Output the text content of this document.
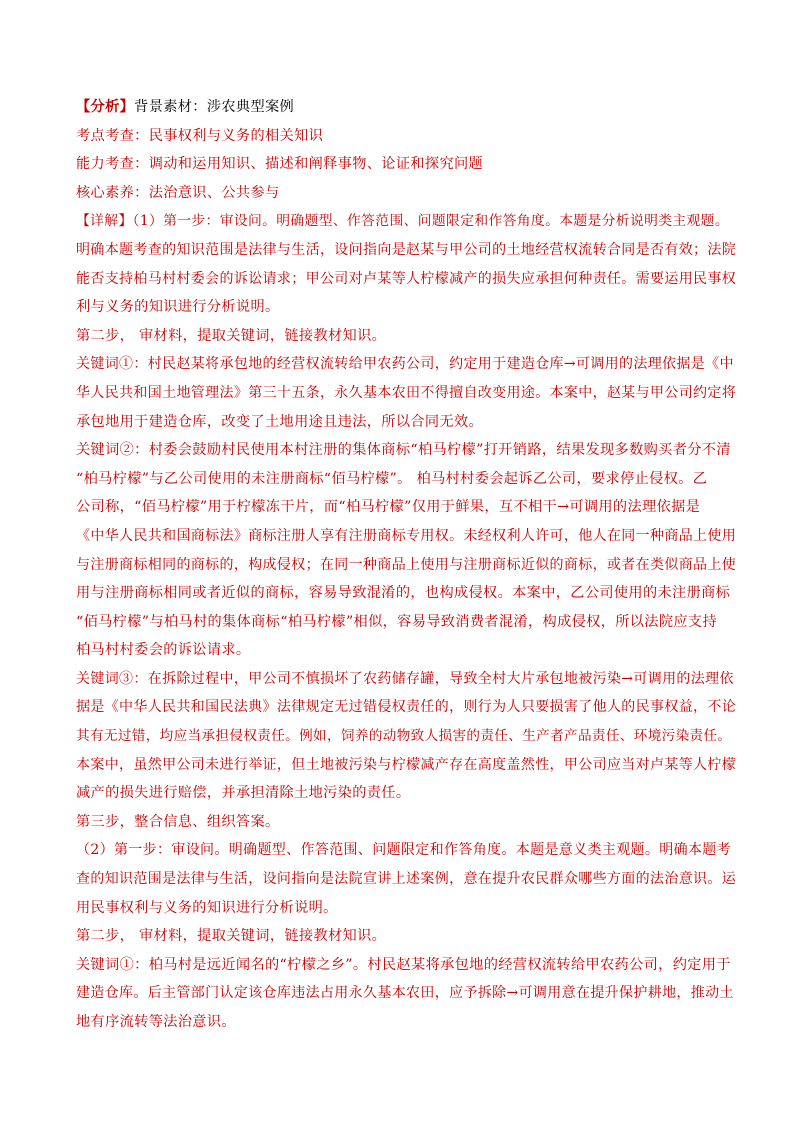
【分析】背景素材：涉农典型案例
考点考查：民事权利与义务的相关知识
能力考查：调动和运用知识、描述和阐释事物、论证和探究问题
核心素养：法治意识、公共参与
【详解】（1）第一步：审设问。明确题型、作答范围、问题限定和作答角度。本题是分析说明类主观题。
明确本题考查的知识范围是法律与生活，设问指向是赵某与甲公司的土地经营权流转合同是否有效；法院
能否支持柏马村村委会的诉讼请求；甲公司对卢某等人柠檬减产的损失应承担何种责任。需要运用民事权
利与义务的知识进行分析说明。
第二步， 审材料，提取关键词，链接教材知识。
关键词①：村民赵某将承包地的经营权流转给甲农药公司，约定用于建造仓库→可调用的法理依据是《中
华人民共和国土地管理法》第三十五条，永久基本农田不得擅自改变用途。本案中，赵某与甲公司约定将
承包地用于建造仓库，改变了土地用途且违法，所以合同无效。
关键词②：村委会鼓励村民使用本村注册的集体商标“柏马柠檬”打开销路，结果发现多数购买者分不清
“柏马柠檬”与乙公司使用的未注册商标“佰马柠檬”。 柏马村村委会起诉乙公司，要求停止侵权。乙
公司称，“佰马柠檬”用于柠檬冻干片，而“柏马柠檬”仅用于鲜果，互不相干→可调用的法理依据是
《中华人民共和国商标法》商标注册人享有注册商标专用权。未经权利人许可，他人在同一种商品上使用
与注册商标相同的商标的，构成侵权；在同一种商品上使用与注册商标近似的商标，或者在类似商品上使
用与注册商标相同或者近似的商标，容易导致混淆的，也构成侵权。本案中，乙公司使用的未注册商标
“佰马柠檬”与柏马村的集体商标“柏马柠檬”相似，容易导致消费者混淆，构成侵权，所以法院应支持
柏马村村委会的诉讼请求。
关键词③：在拆除过程中，甲公司不慎损坏了农药储存罐，导致全村大片承包地被污染→可调用的法理依
据是《中华人民共和国民法典》法律规定无过错侵权责任的，则行为人只要损害了他人的民事权益，不论
其有无过错，均应当承担侵权责任。例如，饲养的动物致人损害的责任、生产者产品责任、环境污染责任。
本案中，虽然甲公司未进行举证，但土地被污染与柠檬减产存在高度盖然性，甲公司应当对卢某等人柠檬
减产的损失进行赔偿，并承担清除土地污染的责任。
第三步，整合信息、组织答案。
（2）第一步：审设问。明确题型、作答范围、问题限定和作答角度。本题是意义类主观题。明确本题考
查的知识范围是法律与生活，设问指向是法院宣讲上述案例，意在提升农民群众哪些方面的法治意识。运
用民事权利与义务的知识进行分析说明。
第二步， 审材料，提取关键词，链接教材知识。
关键词①：柏马村是远近闻名的“柠檬之乡”。村民赵某将承包地的经营权流转给甲农药公司，约定用于
建造仓库。后主管部门认定该仓库违法占用永久基本农田，应予拆除→可调用意在提升保护耕地，推动土
地有序流转等法治意识。
